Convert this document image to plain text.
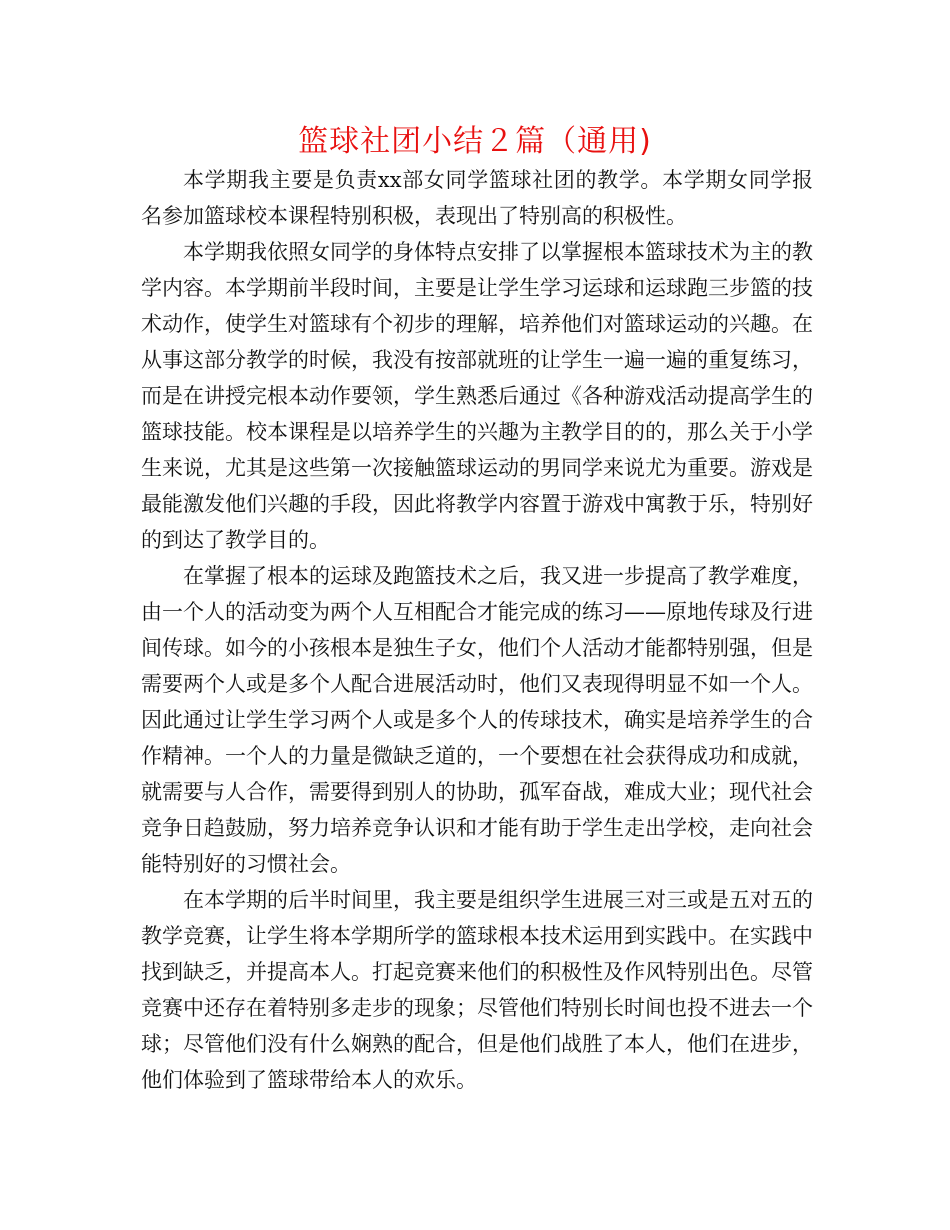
篮球社团小结２篇（通用)

本学期我主要是负责xx部女同学篮球社团的教学。本学期女同学报名参加篮球校本课程特别积极，表现出了特别高的积极性。

本学期我依照女同学的身体特点安排了以掌握根本篮球技术为主的教学内容。本学期前半段时间，主要是让学生学习运球和运球跑三步篮的技术动作，使学生对篮球有个初步的理解，培养他们对篮球运动的兴趣。在从事这部分教学的时候，我没有按部就班的让学生一遍一遍的重复练习，而是在讲授完根本动作要领，学生熟悉后通过《各种游戏活动提高学生的篮球技能。校本课程是以培养学生的兴趣为主教学目的的，那么关于小学生来说，尤其是这些第一次接触篮球运动的男同学来说尤为重要。游戏是最能激发他们兴趣的手段，因此将教学内容置于游戏中寓教于乐，特别好的到达了教学目的。

在掌握了根本的运球及跑篮技术之后，我又进一步提高了教学难度，由一个人的活动变为两个人互相配合才能完成的练习——原地传球及行进间传球。如今的小孩根本是独生子女，他们个人活动才能都特别强，但是需要两个人或是多个人配合进展活动时，他们又表现得明显不如一个人。因此通过让学生学习两个人或是多个人的传球技术，确实是培养学生的合作精神。一个人的力量是微缺乏道的，一个要想在社会获得成功和成就，就需要与人合作，需要得到别人的协助，孤军奋战，难成大业；现代社会竞争日趋鼓励，努力培养竞争认识和才能有助于学生走出学校，走向社会能特别好的习惯社会。

在本学期的后半时间里，我主要是组织学生进展三对三或是五对五的教学竞赛，让学生将本学期所学的篮球根本技术运用到实践中。在实践中找到缺乏，并提高本人。打起竞赛来他们的积极性及作风特别出色。尽管竞赛中还存在着特别多走步的现象；尽管他们特别长时间也投不进去一个球；尽管他们没有什么娴熟的配合，但是他们战胜了本人，他们在进步，他们体验到了篮球带给本人的欢乐。
